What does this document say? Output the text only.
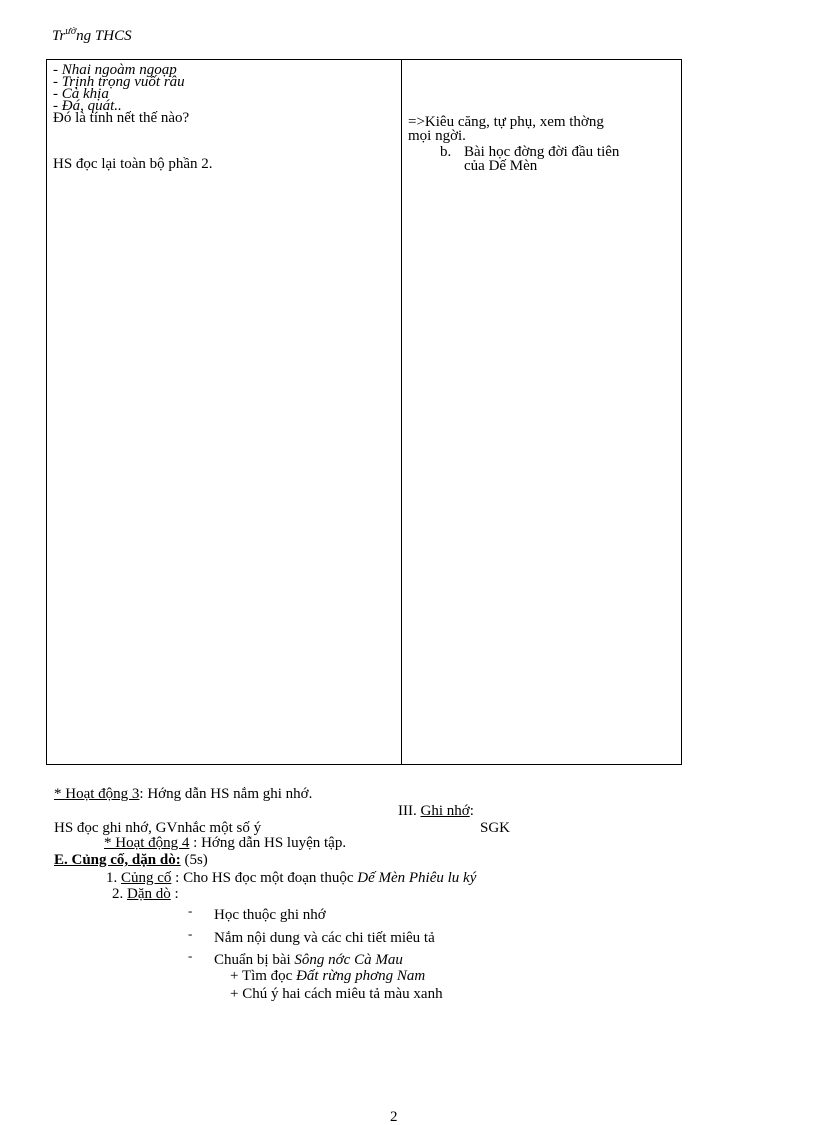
$Tr^{ườ}ng$ THCS
- Nhai ngoàm ngoạp
- Trịnh trọng vuốt râu
- Cà khịa
- Đá, quát..
Đó là tính nết thế nào?
HS đọc lại toàn bộ phần 2.
=>Kiêu căng, tự phụ, xem thờng
mọi ngời.
b. Bài học đờng đời đầu tiên
của Dế Mèn
* Hoạt động 3: Hớng dẫn HS nắm ghi nhớ.
III. Ghi nhớ:
HS đọc ghi nhớ, GVnhắc một số ý	SGK
* Hoạt động 4 : Hớng dẫn HS luyện tập.
E. Củng cố, dặn dò: (5s)
1. Củng cố : Cho HS đọc một đoạn thuộc Dế Mèn Phiêu lu ký
2. Dặn dò :
- Học thuộc ghi nhớ
- Nắm nội dung và các chi tiết miêu tả
- Chuẩn bị bài Sông nớc Cà Mau
+ Tìm đọc Đất rừng phơng Nam
+ Chú ý hai cách miêu tả màu xanh
2
